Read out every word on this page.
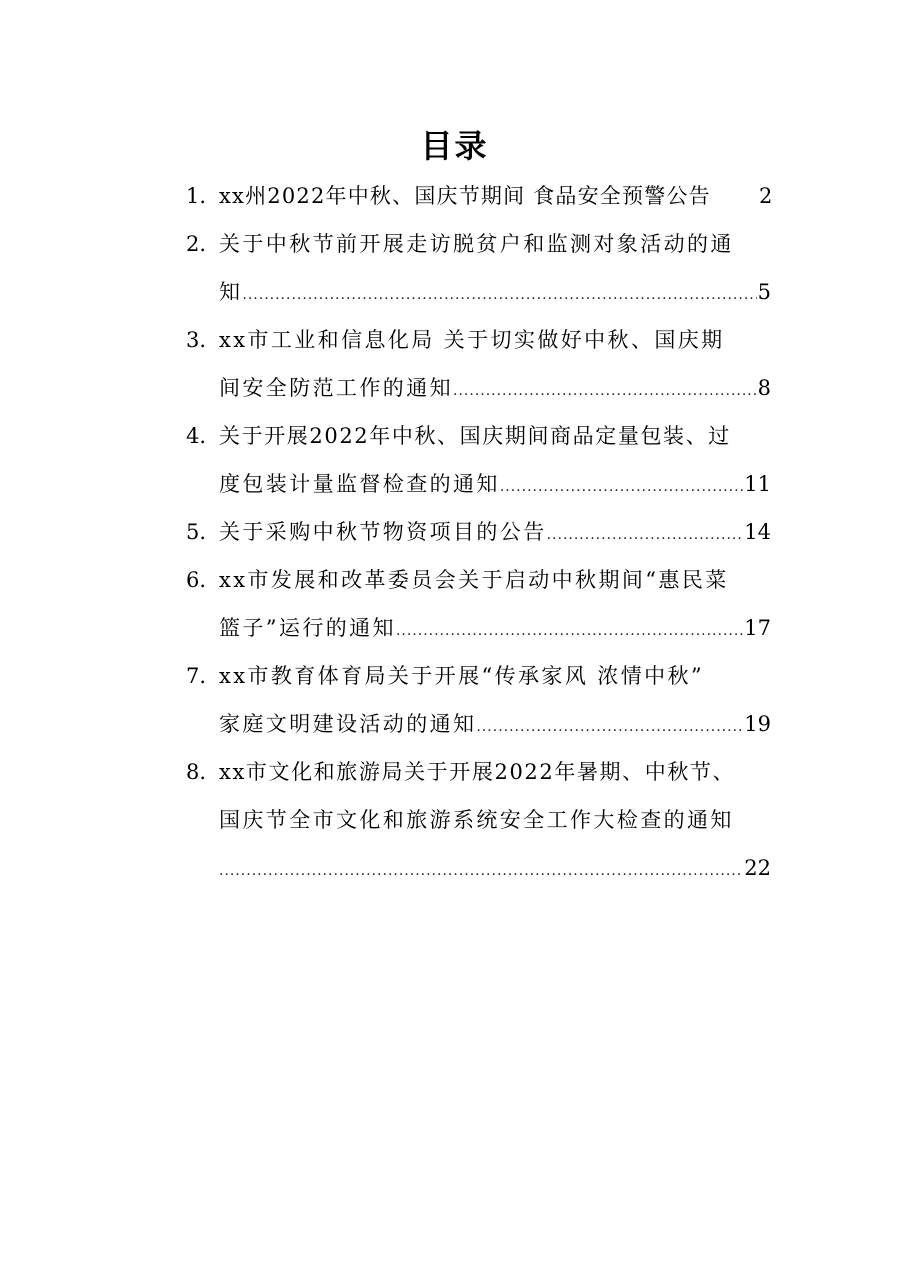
目录
1. xx州2022年中秋、国庆节期间 食品安全预警公告 2
2. 关于中秋节前开展走访脱贫户和监测对象活动的通
知 .....	5
3. xx市工业和信息化局 关于切实做好中秋、国庆期
间安全防范工作的通知 .....	8
4. 关于开展2022年中秋、国庆期间商品定量包装、过
度包装计量监督检查的通知 .....	11
5. 关于采购中秋节物资项目的公告 .....	14
6. xx市发展和改革委员会关于启动中秋期间“惠民菜
篮子”运行的通知 .....	17
7. xx市教育体育局关于开展“传承家风 浓情中秋”
家庭文明建设活动的通知 .....	19
8. xx市文化和旅游局关于开展2022年暑期、中秋节、
国庆节全市文化和旅游系统安全工作大检查的通知
.....
22
